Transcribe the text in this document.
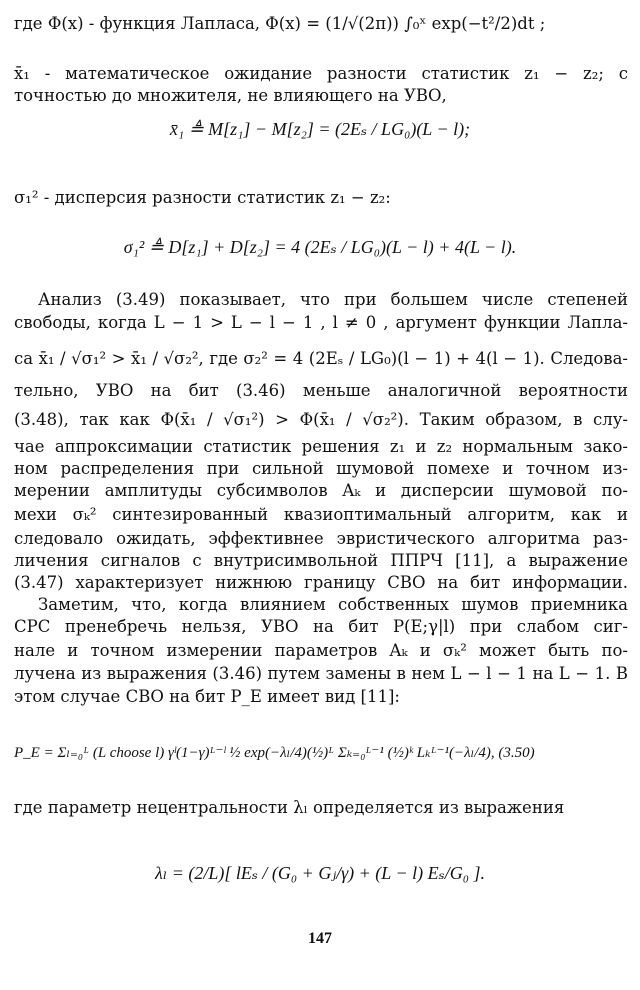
где Φ(x) - функция Лапласа, Φ(x) = (1/√(2π)) ∫₀ˣ exp(−t²/2)dt ;
x̄₁ - математическое ожидание разности статистик z₁ − z₂; с
точностью до множителя, не влияющего на УВО,
x̄₁ ≜ M[z₁] − M[z₂] = (2Eₛ / LG₀)(L − l);
σ₁² - дисперсия разности статистик z₁ − z₂:
σ₁² ≜ D[z₁] + D[z₂] = 4 (2Eₛ / LG₀)(L − l) + 4(L − l).
Анализ (3.49) показывает, что при большем числе степеней
свободы, когда L − 1 > L − l − 1 , l ≠ 0 , аргумент функции Лапла-
са x̄₁ / √σ₁² > x̄₁ / √σ₂², где σ₂² = 4 (2Eₛ / LG₀)(l − 1) + 4(l − 1). Следова-
тельно, УВО на бит (3.46) меньше аналогичной вероятности
(3.48), так как Φ(x̄₁ / √σ₁²) > Φ(x̄₁ / √σ₂²). Таким образом, в слу-
чае аппроксимации статистик решения z₁ и z₂ нормальным зако-
ном распределения при сильной шумовой помехе и точном из-
мерении амплитуды субсимволов Aₖ и дисперсии шумовой по-
мехи σₖ² синтезированный квазиоптимальный алгоритм, как и
следовало ожидать, эффективнее эвристического алгоритма раз-
личения сигналов с внутрисимвольной ППРЧ [11], а выражение
(3.47) характеризует нижнюю границу СВО на бит информации.
Заметим, что, когда влиянием собственных шумов приемника
СРС пренебречь нельзя, УВО на бит P(E;γ|l) при слабом сиг-
нале и точном измерении параметров Aₖ и σₖ² может быть по-
лучена из выражения (3.46) путем замены в нем L − l − 1 на L − 1. В
этом случае СВО на бит P_E имеет вид [11]:
P_E = Σₗ₌₀ᴸ (L choose l) γˡ(1−γ)ᴸ⁻ˡ ½ exp(−λₗ/4)(½)ᴸ Σₖ₌₀ᴸ⁻¹ (½)ᵏ Lₖᴸ⁻¹(−λₗ/4), (3.50)
где параметр нецентральности λₗ определяется из выражения
λₗ = (2/L)[ lEₛ / (G₀ + Gⱼ/γ) + (L − l) Eₛ/G₀ ].
147
